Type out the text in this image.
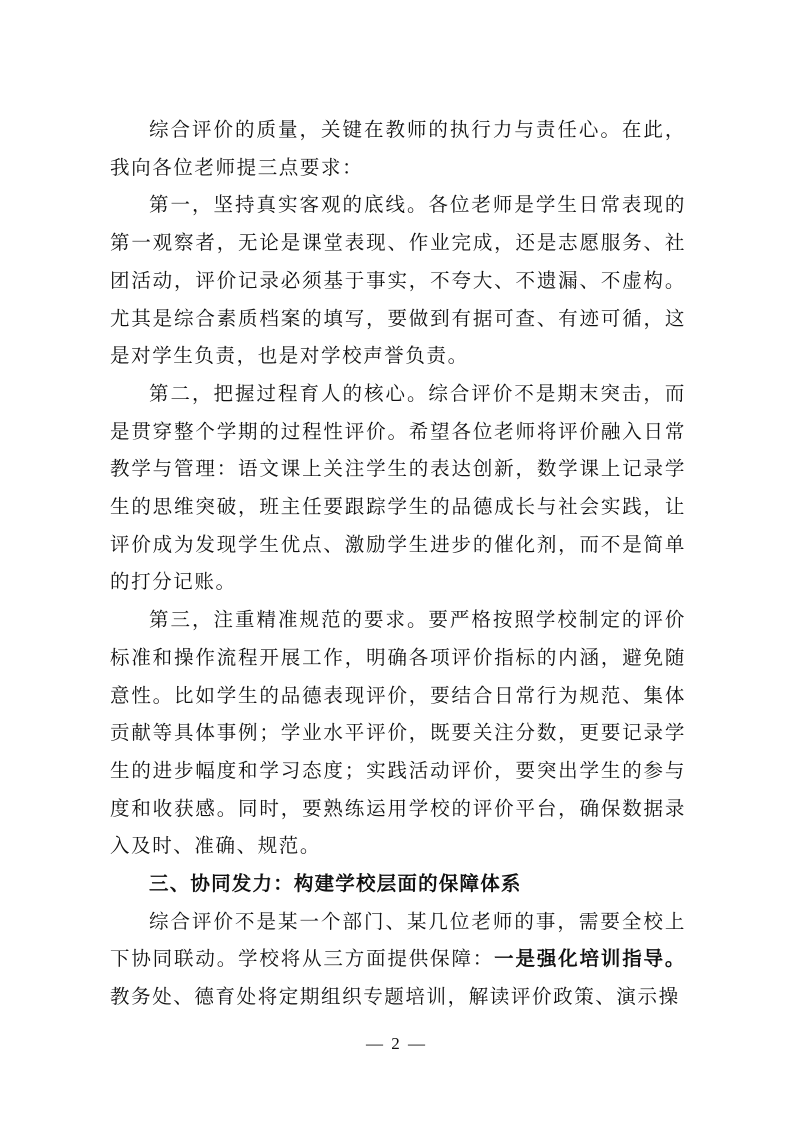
综合评价的质量，关键在教师的执行力与责任心。在此，我向各位老师提三点要求：

第一，坚持真实客观的底线。各位老师是学生日常表现的第一观察者，无论是课堂表现、作业完成，还是志愿服务、社团活动，评价记录必须基于事实，不夸大、不遗漏、不虚构。尤其是综合素质档案的填写，要做到有据可查、有迹可循，这是对学生负责，也是对学校声誉负责。

第二，把握过程育人的核心。综合评价不是期末突击，而是贯穿整个学期的过程性评价。希望各位老师将评价融入日常教学与管理：语文课上关注学生的表达创新，数学课上记录学生的思维突破，班主任要跟踪学生的品德成长与社会实践，让评价成为发现学生优点、激励学生进步的催化剂，而不是简单的打分记账。

第三，注重精准规范的要求。要严格按照学校制定的评价标准和操作流程开展工作，明确各项评价指标的内涵，避免随意性。比如学生的品德表现评价，要结合日常行为规范、集体贡献等具体事例；学业水平评价，既要关注分数，更要记录学生的进步幅度和学习态度；实践活动评价，要突出学生的参与度和收获感。同时，要熟练运用学校的评价平台，确保数据录入及时、准确、规范。

三、协同发力：构建学校层面的保障体系

综合评价不是某一个部门、某几位老师的事，需要全校上下协同联动。学校将从三方面提供保障：一是强化培训指导。教务处、德育处将定期组织专题培训，解读评价政策、演示操

— 2 —
